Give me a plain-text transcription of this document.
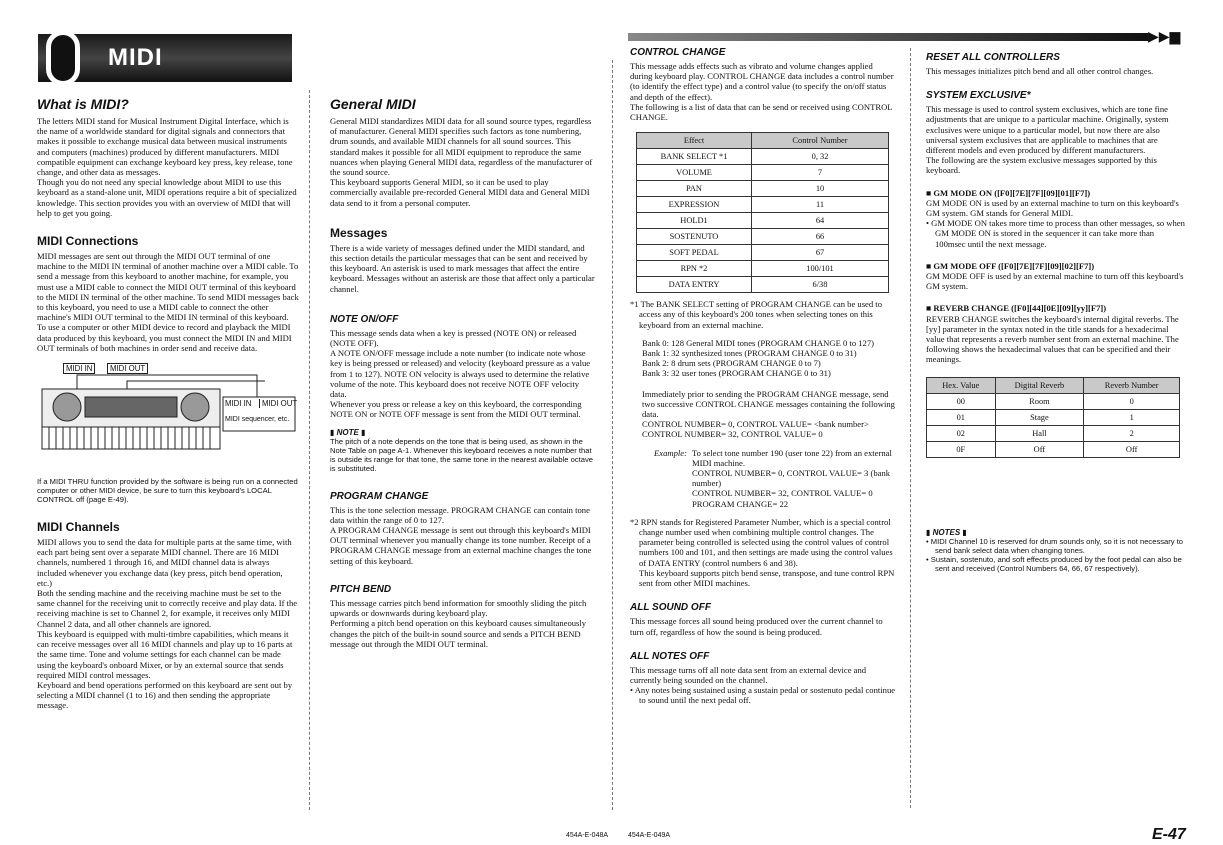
MIDI
▶▶▆
What is MIDI?

The letters MIDI stand for Musical Instrument Digital Interface, which is the name of a worldwide standard for digital signals and connectors that makes it possible to exchange musical data between musical instruments and computers (machines) produced by different manufacturers. MIDI compatible equipment can exchange keyboard key press, key release, tone change, and other data as messages.
Though you do not need any special knowledge about MIDI to use this keyboard as a stand-alone unit, MIDI operations require a bit of specialized knowledge. This section provides you with an overview of MIDI that will help to get you going.

MIDI Connections

MIDI messages are sent out through the MIDI OUT terminal of one machine to the MIDI IN terminal of another machine over a MIDI cable. To send a message from this keyboard to another machine, for example, you must use a MIDI cable to connect the MIDI OUT terminal of this keyboard to the MIDI IN terminal of the other machine. To send MIDI messages back to this keyboard, you need to use a MIDI cable to connect the other machine's MIDI OUT terminal to the MIDI IN terminal of this keyboard.
To use a computer or other MIDI device to record and playback the MIDI data produced by this keyboard, you must connect the MIDI IN and MIDI OUT terminals of both machines in order send and receive data.

MIDI IN	MIDI OUT
MIDI IN	MIDI OUT
MIDI sequencer, etc.

If a MIDI THRU function provided by the software is being run on a connected computer or other MIDI device, be sure to turn this keyboard's LOCAL CONTROL off (page E-49).

MIDI Channels

MIDI allows you to send the data for multiple parts at the same time, with each part being sent over a separate MIDI channel. There are 16 MIDI channels, numbered 1 through 16, and MIDI channel data is always included whenever you exchange data (key press, pitch bend operation, etc.)
Both the sending machine and the receiving machine must be set to the same channel for the receiving unit to correctly receive and play data. If the receiving machine is set to Channel 2, for example, it receives only MIDI Channel 2 data, and all other channels are ignored.
This keyboard is equipped with multi-timbre capabilities, which means it can receive messages over all 16 MIDI channels and play up to 16 parts at the same time. Tone and volume settings for each channel can be made using the keyboard's onboard Mixer, or by an external source that sends required MIDI control messages.
Keyboard and bend operations performed on this keyboard are sent out by selecting a MIDI channel (1 to 16) and then sending the appropriate message.

General MIDI

General MIDI standardizes MIDI data for all sound source types, regardless of manufacturer. General MIDI specifies such factors as tone numbering, drum sounds, and available MIDI channels for all sound sources. This standard makes it possible for all MIDI equipment to reproduce the same nuances when playing General MIDI data, regardless of the manufacturer of the sound source.
This keyboard supports General MIDI, so it can be used to play commercially available pre-recorded General MIDI data and General MIDI data send to it from a personal computer.

Messages

There is a wide variety of messages defined under the MIDI standard, and this section details the particular messages that can be sent and received by this keyboard. An asterisk is used to mark messages that affect the entire keyboard. Messages without an asterisk are those that affect only a particular channel.

NOTE ON/OFF

This message sends data when a key is pressed (NOTE ON) or released (NOTE OFF).
A NOTE ON/OFF message include a note number (to indicate note whose key is being pressed or released) and velocity (keyboard pressure as a value from 1 to 127). NOTE ON velocity is always used to determine the relative volume of the note. This keyboard does not receive NOTE OFF velocity data.
Whenever you press or release a key on this keyboard, the corresponding NOTE ON or NOTE OFF message is sent from the MIDI OUT terminal.

▮ NOTE ▮

The pitch of a note depends on the tone that is being used, as shown in the Note Table on page A-1. Whenever this keyboard receives a note number that is outside its range for that tone, the same tone in the nearest available octave is substituted.

PROGRAM CHANGE

This is the tone selection message. PROGRAM CHANGE can contain tone data within the range of 0 to 127.
A PROGRAM CHANGE message is sent out through this keyboard's MIDI OUT terminal whenever you manually change its tone number. Receipt of a PROGRAM CHANGE message from an external machine changes the tone setting of this keyboard.

PITCH BEND

This message carries pitch bend information for smoothly sliding the pitch upwards or downwards during keyboard play.
Performing a pitch bend operation on this keyboard causes simultaneously changes the pitch of the built-in sound source and sends a PITCH BEND message out through the MIDI OUT terminal.

CONTROL CHANGE

This message adds effects such as vibrato and volume changes applied during keyboard play. CONTROL CHANGE data includes a control number (to identify the effect type) and a control value (to specify the on/off status and depth of the effect).
The following is a list of data that can be send or received using CONTROL CHANGE.

Effect	Control Number
BANK SELECT *1	0, 32
VOLUME	7
PAN	10
EXPRESSION	11
HOLD1	64
SOSTENUTO	66
SOFT PEDAL	67
RPN *2	100/101
DATA ENTRY	6/38

*1 The BANK SELECT setting of PROGRAM CHANGE can be used to access any of this keyboard's 200 tones when selecting tones on this keyboard from an external machine.

Bank 0: 128 General MIDI tones (PROGRAM CHANGE 0 to 127)
Bank 1: 32 synthesized tones (PROGRAM CHANGE 0 to 31)
Bank 2: 8 drum sets (PROGRAM CHANGE 0 to 7)
Bank 3: 32 user tones (PROGRAM CHANGE 0 to 31)

Immediately prior to sending the PROGRAM CHANGE message, send two successive CONTROL CHANGE messages containing the following data.
CONTROL NUMBER= 0, CONTROL VALUE= <bank number>
CONTROL NUMBER= 32, CONTROL VALUE= 0

Example: To select tone number 190 (user tone 22) from an external MIDI machine.
CONTROL NUMBER= 0, CONTROL VALUE= 3 (bank number)
CONTROL NUMBER= 32, CONTROL VALUE= 0
PROGRAM CHANGE= 22

*2 RPN stands for Registered Parameter Number, which is a special control change number used when combining multiple control changes. The parameter being controlled is selected using the control values of control numbers 100 and 101, and then settings are made using the control values of DATA ENTRY (control numbers 6 and 38).
This keyboard supports pitch bend sense, transpose, and tune control RPN sent from other MIDI machines.

ALL SOUND OFF

This message forces all sound being produced over the current channel to turn off, regardless of how the sound is being produced.

ALL NOTES OFF

This message turns off all note data sent from an external device and currently being sounded on the channel.

• Any notes being sustained using a sustain pedal or sostenuto pedal continue to sound until the next pedal off.

RESET ALL CONTROLLERS

This messages initializes pitch bend and all other control changes.

SYSTEM EXCLUSIVE*

This message is used to control system exclusives, which are tone fine adjustments that are unique to a particular machine. Originally, system exclusives were unique to a particular model, but now there are also universal system exclusives that are applicable to machines that are different models and even produced by different manufacturers.
The following are the system exclusive messages supported by this keyboard.

■ GM MODE ON ([F0][7E][7F][09][01][F7])

GM MODE ON is used by an external machine to turn on this keyboard's GM system. GM stands for General MIDI.

• GM MODE ON takes more time to process than other messages, so when GM MODE ON is stored in the sequencer it can take more than 100msec until the next message.

■ GM MODE OFF ([F0][7E][7F][09][02][F7])

GM MODE OFF is used by an external machine to turn off this keyboard's GM system.

■ REVERB CHANGE ([F0][44][0E][09][yy][F7])

REVERB CHANGE switches the keyboard's internal digital reverbs. The [yy] parameter in the syntax noted in the title stands for a hexadecimal value that represents a reverb number sent from an external machine. The following shows the hexadecimal values that can be specified and their meanings.

Hex. Value	Digital Reverb	Reverb Number
00	Room	0
01	Stage	1
02	Hall	2
0F	Off	Off
▮ NOTES ▮

• MIDI Channel 10 is reserved for drum sounds only, so it is not necessary to send bank select data when changing tones.

• Sustain, sostenuto, and soft effects produced by the foot pedal can also be sent and received (Control Numbers 64, 66, 67 respectively).

454A-E-048A	454A-E-049A	E-47
